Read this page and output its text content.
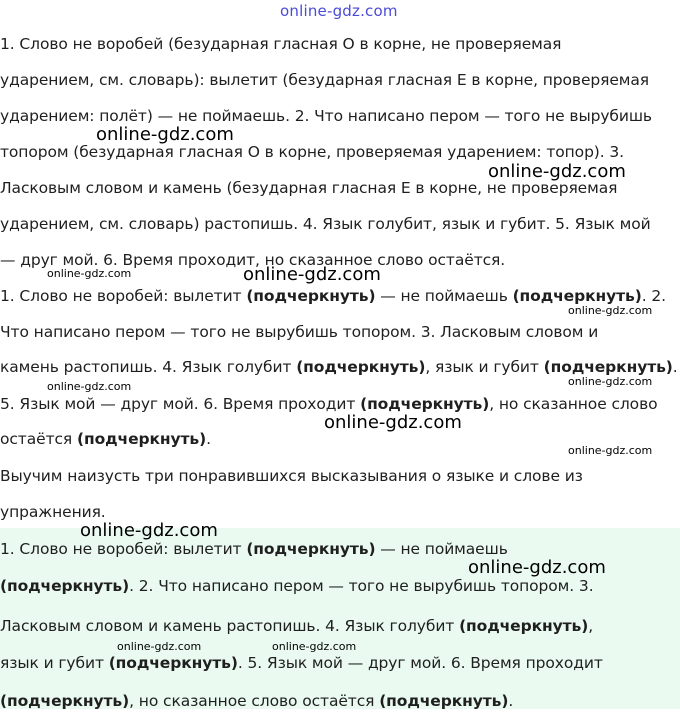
online-gdz.com
1. Слово не воробей (безударная гласная О в корне, не проверяемая
ударением, см. словарь): вылетит (безударная гласная Е в корне, проверяемая
ударением: полёт) — не поймаешь. 2. Что написано пером — того не вырубишь
топором (безударная гласная О в корне, проверяемая ударением: топор). 3.
Ласковым словом и камень (безударная гласная Е в корне, не проверяемая
ударением, см. словарь) растопишь. 4. Язык голубит, язык и губит. 5. Язык мой
— друг мой. 6. Время проходит, но сказанное слово остаётся.
1. Слово не воробей: вылетит (подчеркнуть) — не поймаешь (подчеркнуть). 2.
Что написано пером — того не вырубишь топором. 3. Ласковым словом и
камень растопишь. 4. Язык голубит (подчеркнуть), язык и губит (подчеркнуть).
5. Язык мой — друг мой. 6. Время проходит (подчеркнуть), но сказанное слово
остаётся (подчеркнуть).
Выучим наизусть три понравившихся высказывания о языке и слове из
упражнения.
1. Слово не воробей: вылетит (подчеркнуть) — не поймаешь
(подчеркнуть). 2. Что написано пером — того не вырубишь топором. 3.
Ласковым словом и камень растопишь. 4. Язык голубит (подчеркнуть),
язык и губит (подчеркнуть). 5. Язык мой — друг мой. 6. Время проходит
(подчеркнуть), но сказанное слово остаётся (подчеркнуть).
online-gdz.com
online-gdz.com
online-gdz.com	online-gdz.com
online-gdz.com
online-gdz.com	online-gdz.com
online-gdz.com
online-gdz.com
online-gdz.com
online-gdz.com
online-gdz.com	online-gdz.com
